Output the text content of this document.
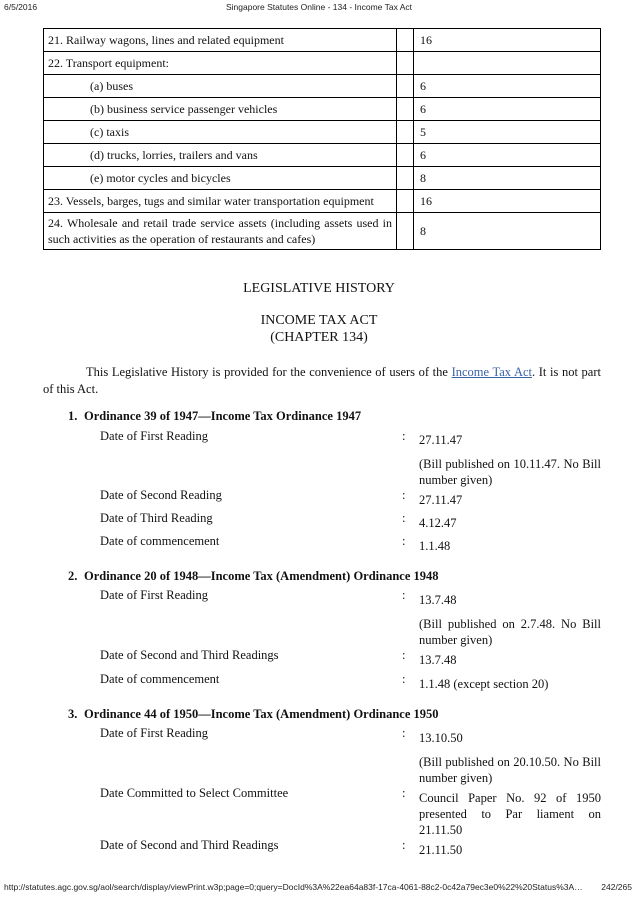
6/5/2016	Singapore Statutes Online - 134 - Income Tax Act
21. Railway wagons, lines and related equipment		16
22. Transport equipment:		
(a) buses		6
(b) business service passenger vehicles		6
(c) taxis		5
(d) trucks, lorries, trailers and vans		6
(e) motor cycles and bicycles		8
23. Vessels, barges, tugs and similar water transportation equipment		16
24. Wholesale and retail trade service assets (including assets used in such activities as the operation of restaurants and cafes)		8
LEGISLATIVE HISTORY
INCOME TAX ACT
(CHAPTER 134)
This Legislative History is provided for the convenience of users of the Income Tax Act. It is not part of this Act.
1. Ordinance 39 of 1947—Income Tax Ordinance 1947
Date of First Reading	: 27.11.47
(Bill published on 10.11.47. No Bill number given)
Date of Second Reading	: 27.11.47
Date of Third Reading	: 4.12.47
Date of commencement	: 1.1.48
2. Ordinance 20 of 1948—Income Tax (Amendment) Ordinance 1948
Date of First Reading	: 13.7.48
(Bill published on 2.7.48. No Bill number given)
Date of Second and Third Readings	: 13.7.48
Date of commencement	: 1.1.48 (except section 20)
3. Ordinance 44 of 1950—Income Tax (Amendment) Ordinance 1950
Date of First Reading	: 13.10.50
(Bill published on 20.10.50. No Bill number given)
Date Committed to Select Committee	: Council Paper No. 92 of 1950 presented to Par liament on 21.11.50
Date of Second and Third Readings	: 21.11.50
http://statutes.agc.gov.sg/aol/search/display/viewPrint.w3p;page=0;query=DocId%3A%22ea64a83f-17ca-4061-88c2-0c42a79ec3e0%22%20Status%3A… 242/265
